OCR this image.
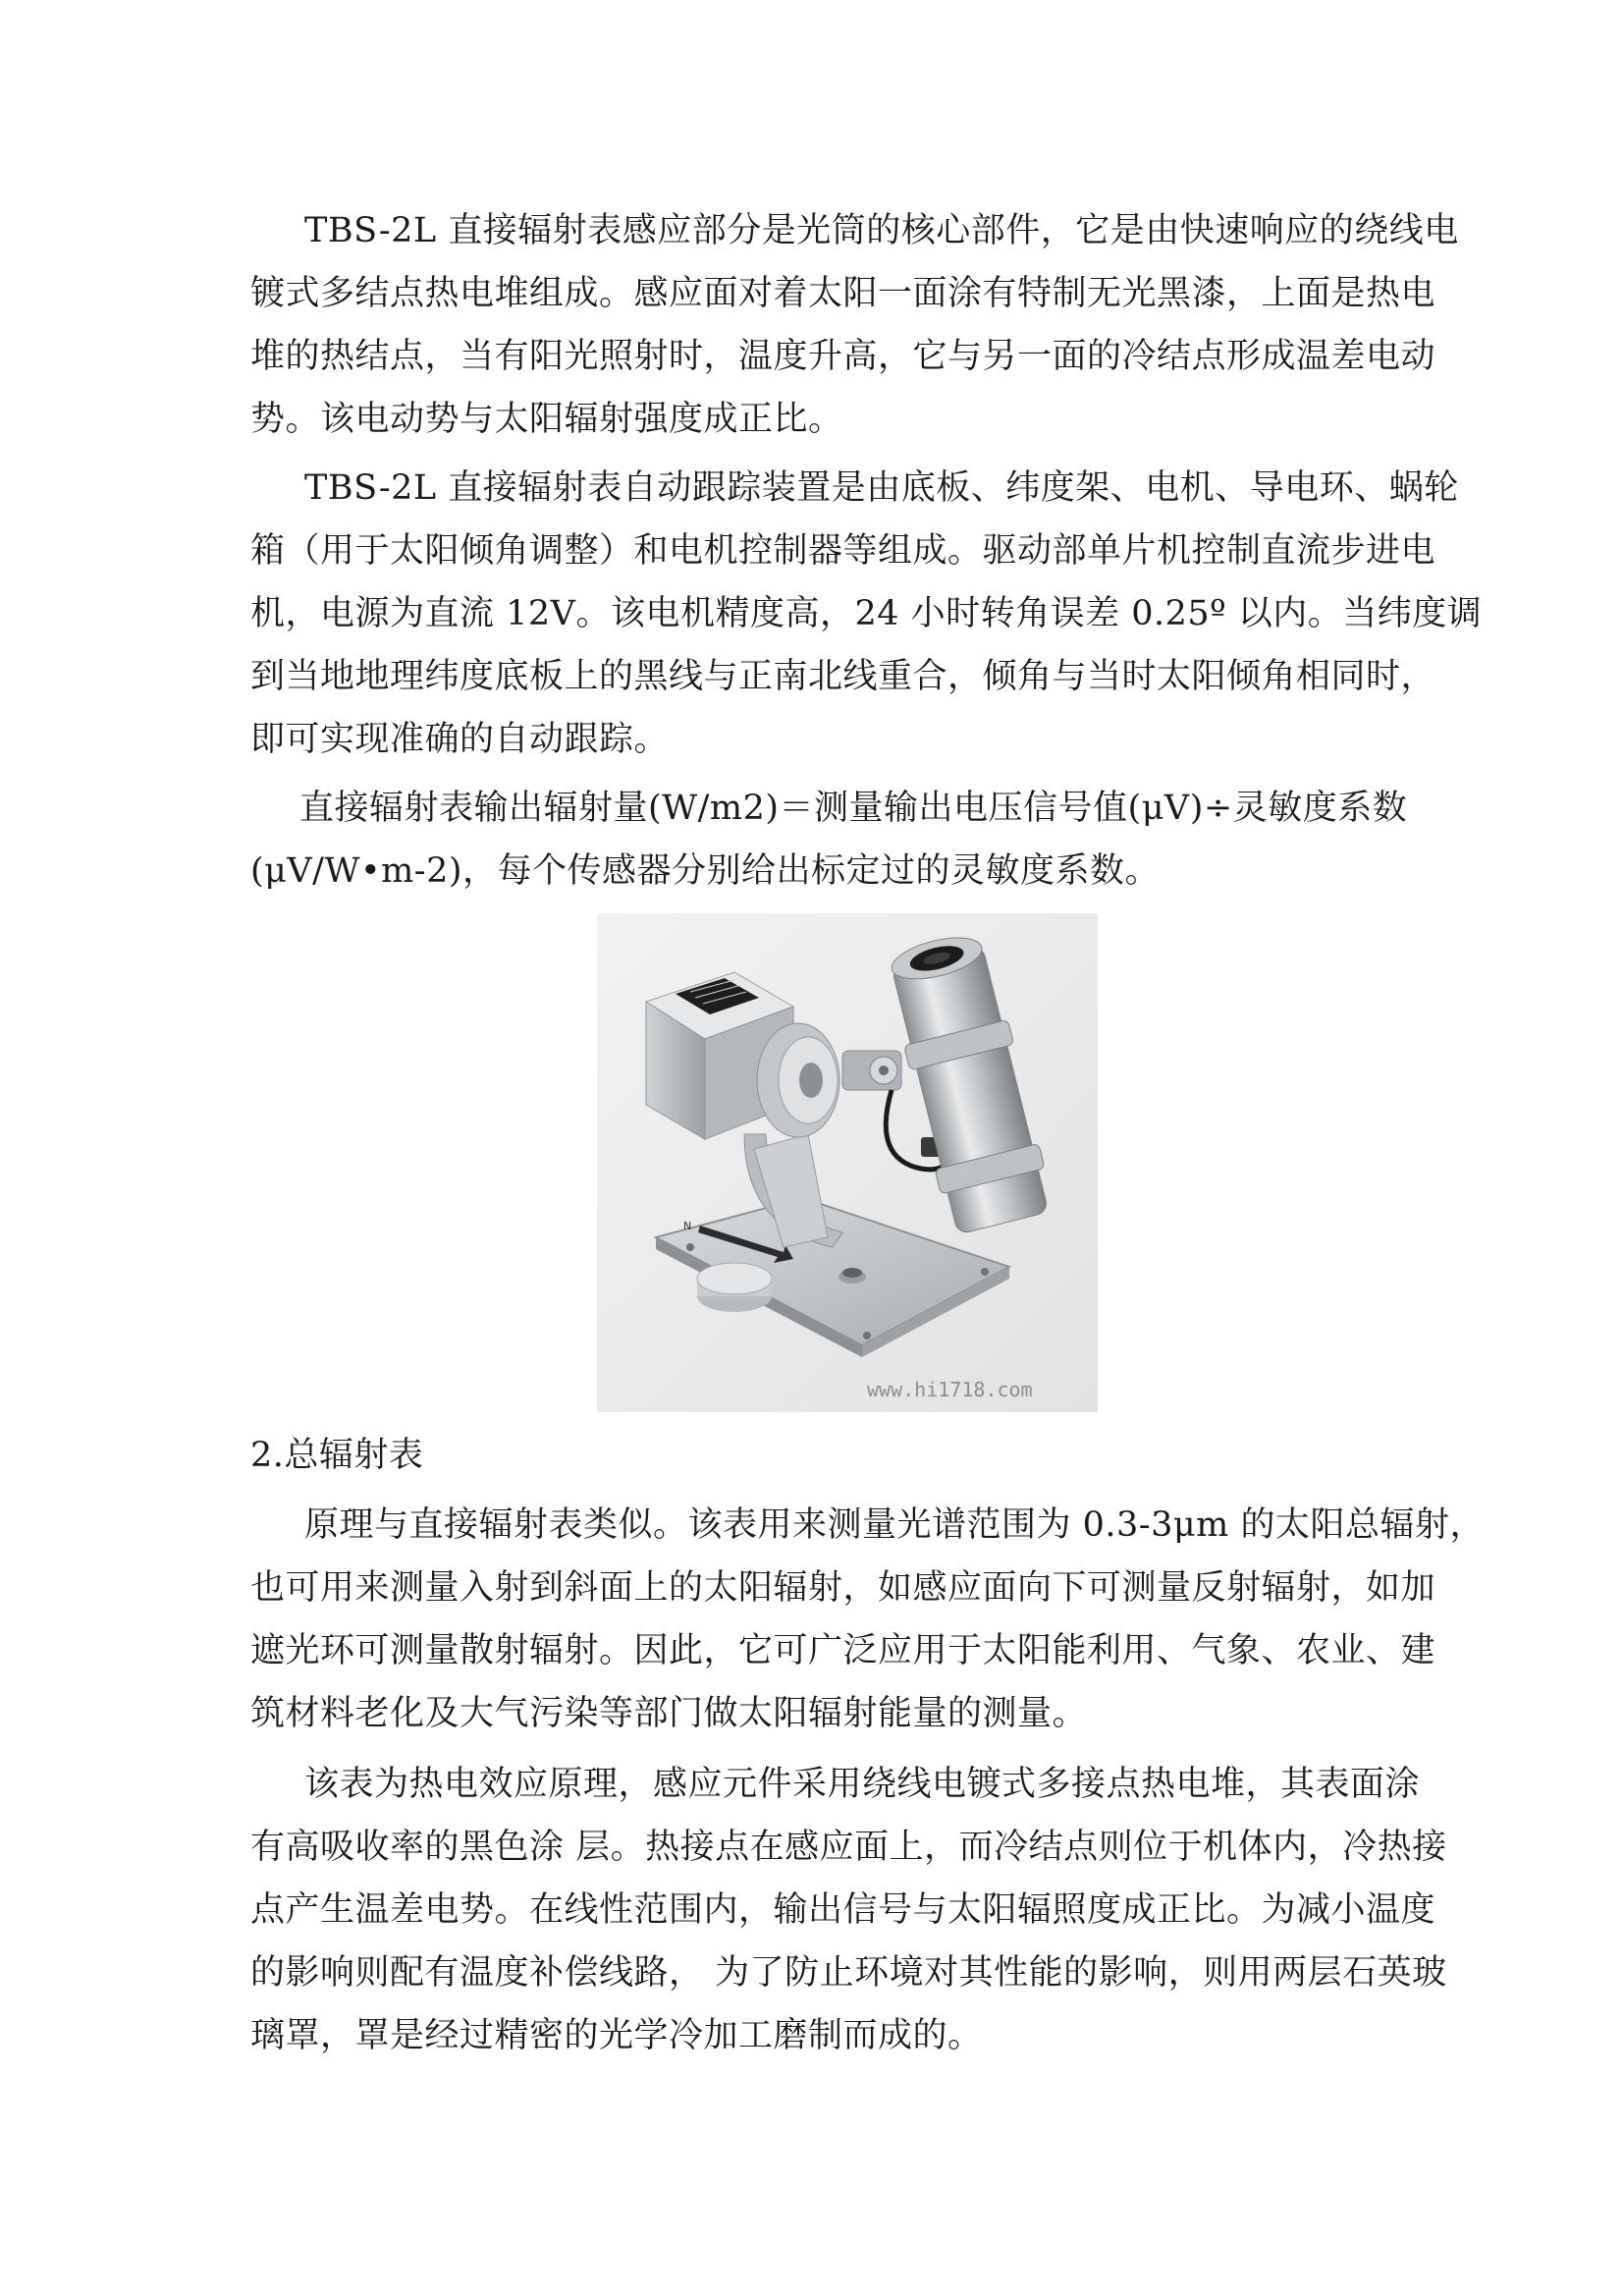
TBS-2L 直接辐射表感应部分是光筒的核心部件，它是由快速响应的绕线电
镀式多结点热电堆组成。感应面对着太阳一面涂有特制无光黑漆，上面是热电
堆的热结点，当有阳光照射时，温度升高，它与另一面的冷结点形成温差电动
势。该电动势与太阳辐射强度成正比。
TBS-2L 直接辐射表自动跟踪装置是由底板、纬度架、电机、导电环、蜗轮
箱（用于太阳倾角调整）和电机控制器等组成。驱动部单片机控制直流步进电
机，电源为直流 12V。该电机精度高，24 小时转角误差 0.25º 以内。当纬度调
到当地地理纬度底板上的黑线与正南北线重合，倾角与当时太阳倾角相同时，
即可实现准确的自动跟踪。
直接辐射表输出辐射量(W/m2)＝测量输出电压信号值(μV)÷灵敏度系数
(μV/W•m-2)，每个传感器分别给出标定过的灵敏度系数。
N
www.hi1718.com
2.总辐射表
原理与直接辐射表类似。该表用来测量光谱范围为 0.3-3μm 的太阳总辐射，
也可用来测量入射到斜面上的太阳辐射，如感应面向下可测量反射辐射，如加
遮光环可测量散射辐射。因此，它可广泛应用于太阳能利用、气象、农业、建
筑材料老化及大气污染等部门做太阳辐射能量的测量。
该表为热电效应原理，感应元件采用绕线电镀式多接点热电堆，其表面涂
有高吸收率的黑色涂 层。热接点在感应面上，而冷结点则位于机体内，冷热接
点产生温差电势。在线性范围内，输出信号与太阳辐照度成正比。为减小温度
的影响则配有温度补偿线路， 为了防止环境对其性能的影响，则用两层石英玻
璃罩，罩是经过精密的光学冷加工磨制而成的。
